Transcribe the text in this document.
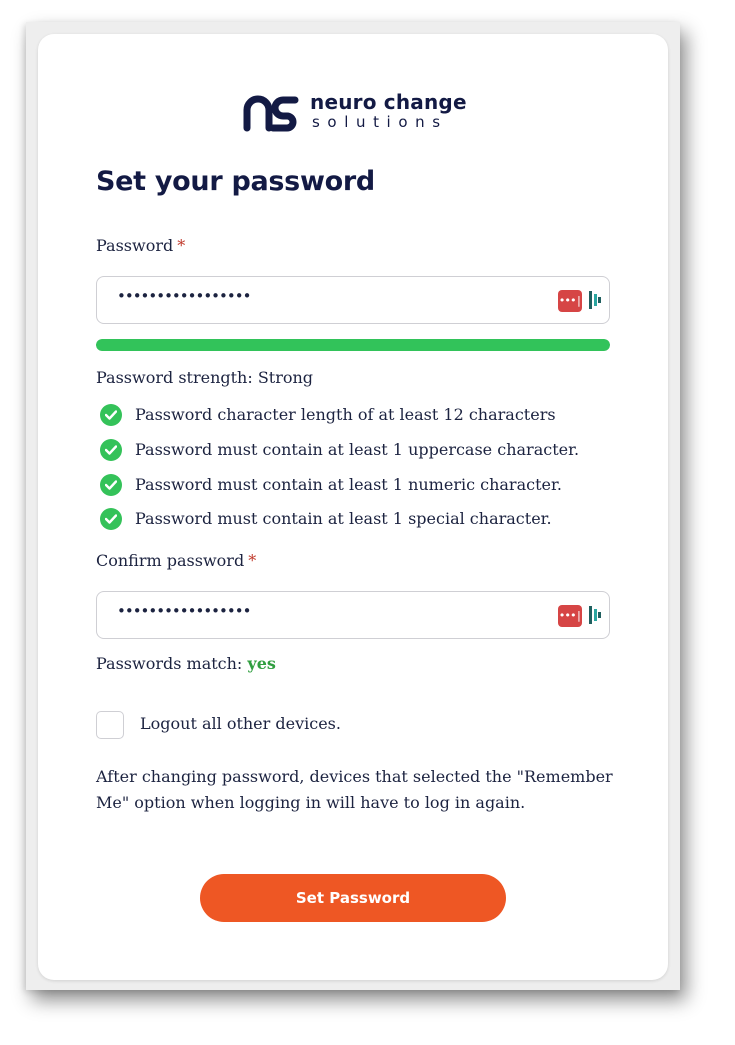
neuro change
solutions
Set your password
Password *
•••••••••••••••••	•••|
Password strength: Strong
Password character length of at least 12 characters
Password must contain at least 1 uppercase character.
Password must contain at least 1 numeric character.
Password must contain at least 1 special character.
Confirm password *
•••••••••••••••••	•••|
Passwords match: yes
Logout all other devices.
After changing password, devices that selected the "Remember Me" option when logging in will have to log in again.
Set Password
